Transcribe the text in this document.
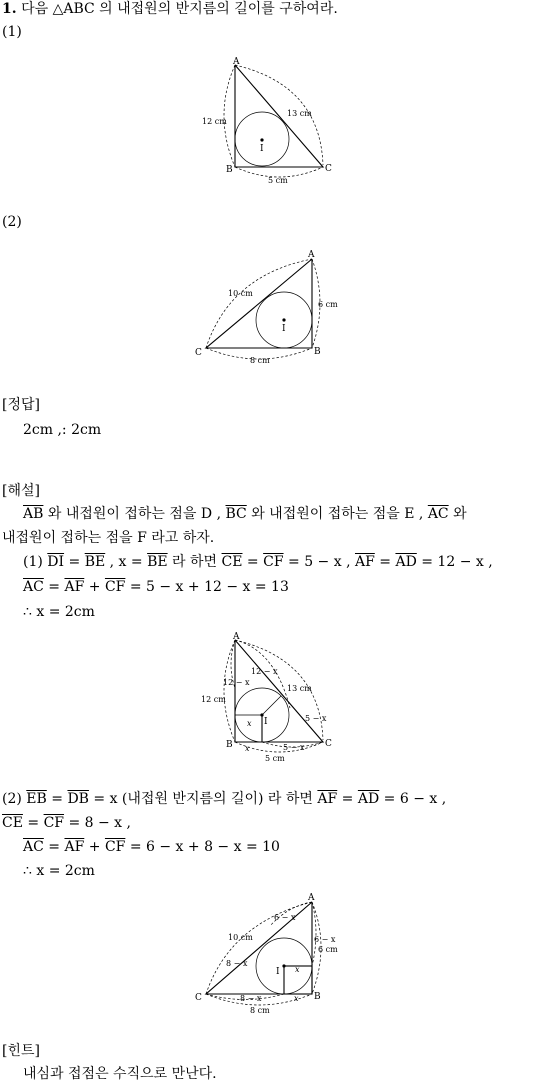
1. 다음 △ABC 의 내접원의 반지름의 길이를 구하여라.
(1)
A
B	C
I
12 cm
13 cm
5 cm
(2)
A
B
C
I
10 cm
6 cm
8 cm
[정답]
2cm ,: 2cm
[해설]
$\overline{AB}$ 와 내접원이 접하는 점을 D , $\overline{BC}$ 와 내접원이 접하는 점을 E , $\overline{AC}$ 와
내접원이 접하는 점을 F 라고 하자.
(1) $\overline{DI} = \overline{BE}$ , $x = \overline{BE}$ 라 하면 $\overline{CE} = \overline{CF} = 5 - x$ , $\overline{AF} = \overline{AD} = 12 - x$ ,
$\overline{AC} = \overline{AF} + \overline{CF} = 5 - x + 12 - x = 13$
∴ x = 2cm
A
B	C
I
12 cm
13 cm
5 cm
12 − x
12 − x
5 − x
5 − x
x
x
(2) $\overline{EB} = \overline{DB} = x$ (내접원 반지름의 길이) 라 하면 $\overline{AF} = \overline{AD} = 6 - x$ ,
$\overline{CE} = \overline{CF} = 8 - x$ ,
$\overline{AC} = \overline{AF} + \overline{CF} = 6 - x + 8 - x = 10$
∴ x = 2cm
A
B
C
I
10 cm
6 cm
8 cm
6 − x
6 − x
8 − x
8 − x
x
x
[힌트]
내심과 접점은 수직으로 만난다.
